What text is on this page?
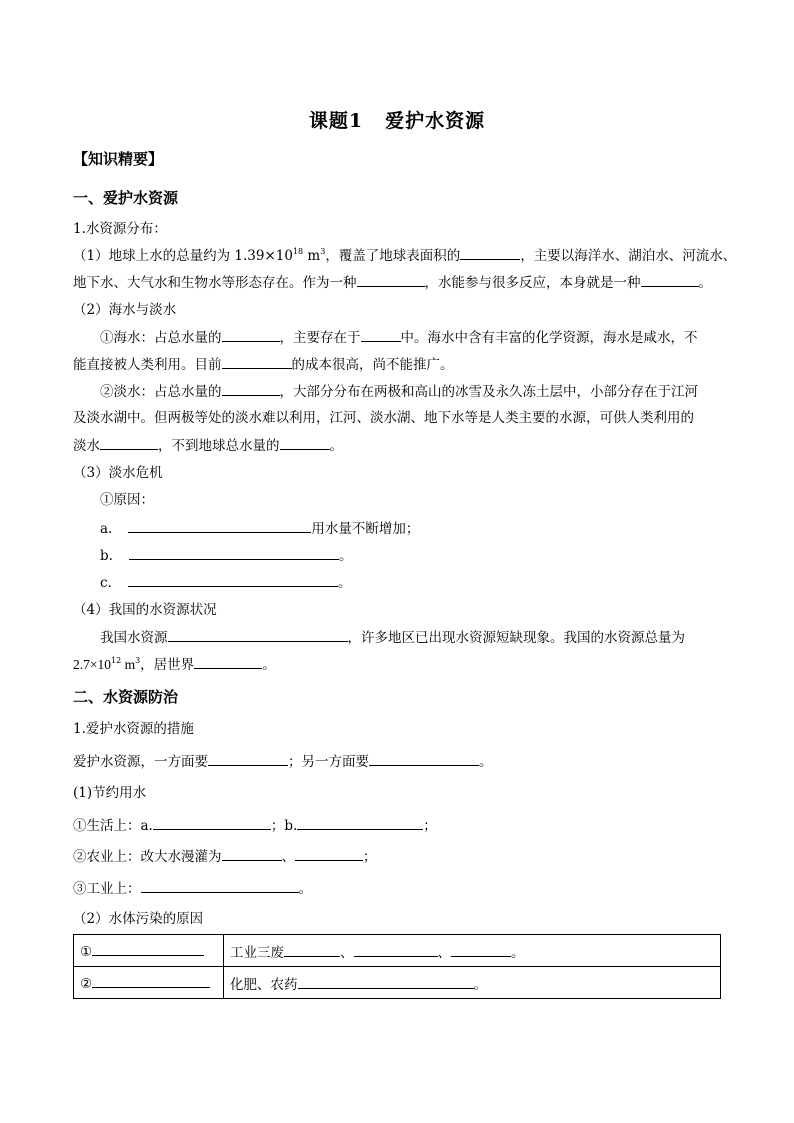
课题1 爱护水资源
【知识精要】
一、爱护水资源
1.水资源分布：
（1）地球上水的总量约为 $1.39\times 10^{18}$ $m^3$，覆盖了地球表面积的	，主要以海洋水、湖泊水、河流水、
地下水、大气水和生物水等形态存在。作为一种	，水能参与很多反应，本身就是一种	。
（2）海水与淡水
①海水：占总水量的	，主要存在于	中。海水中含有丰富的化学资源，海水是咸水，不
能直接被人类利用。目前	的成本很高，尚不能推广。
②淡水：占总水量的	，大部分分布在两极和高山的冰雪及永久冻土层中，小部分存在于江河
及淡水湖中。但两极等处的淡水难以利用，江河、淡水湖、地下水等是人类主要的水源，可供人类利用的
淡水	，不到地球总水量的	。
（3）淡水危机
①原因：
a.	用水量不断增加；
b.	。
c.	。
（4）我国的水资源状况
我国水资源	，许多地区已出现水资源短缺现象。我国的水资源总量为
$2.7\times 10^{12}$ $m^3$，居世界	。
二、水资源防治
1.爱护水资源的措施
爱护水资源，一方面要	；另一方面要	。
(1)节约用水
①生活上：a.	；b.	；
②农业上：改大水漫灌为	、	；
③工业上：	。
（2）水体污染的原因
①	工业三废 、 、 。
②	化肥、农药 。
